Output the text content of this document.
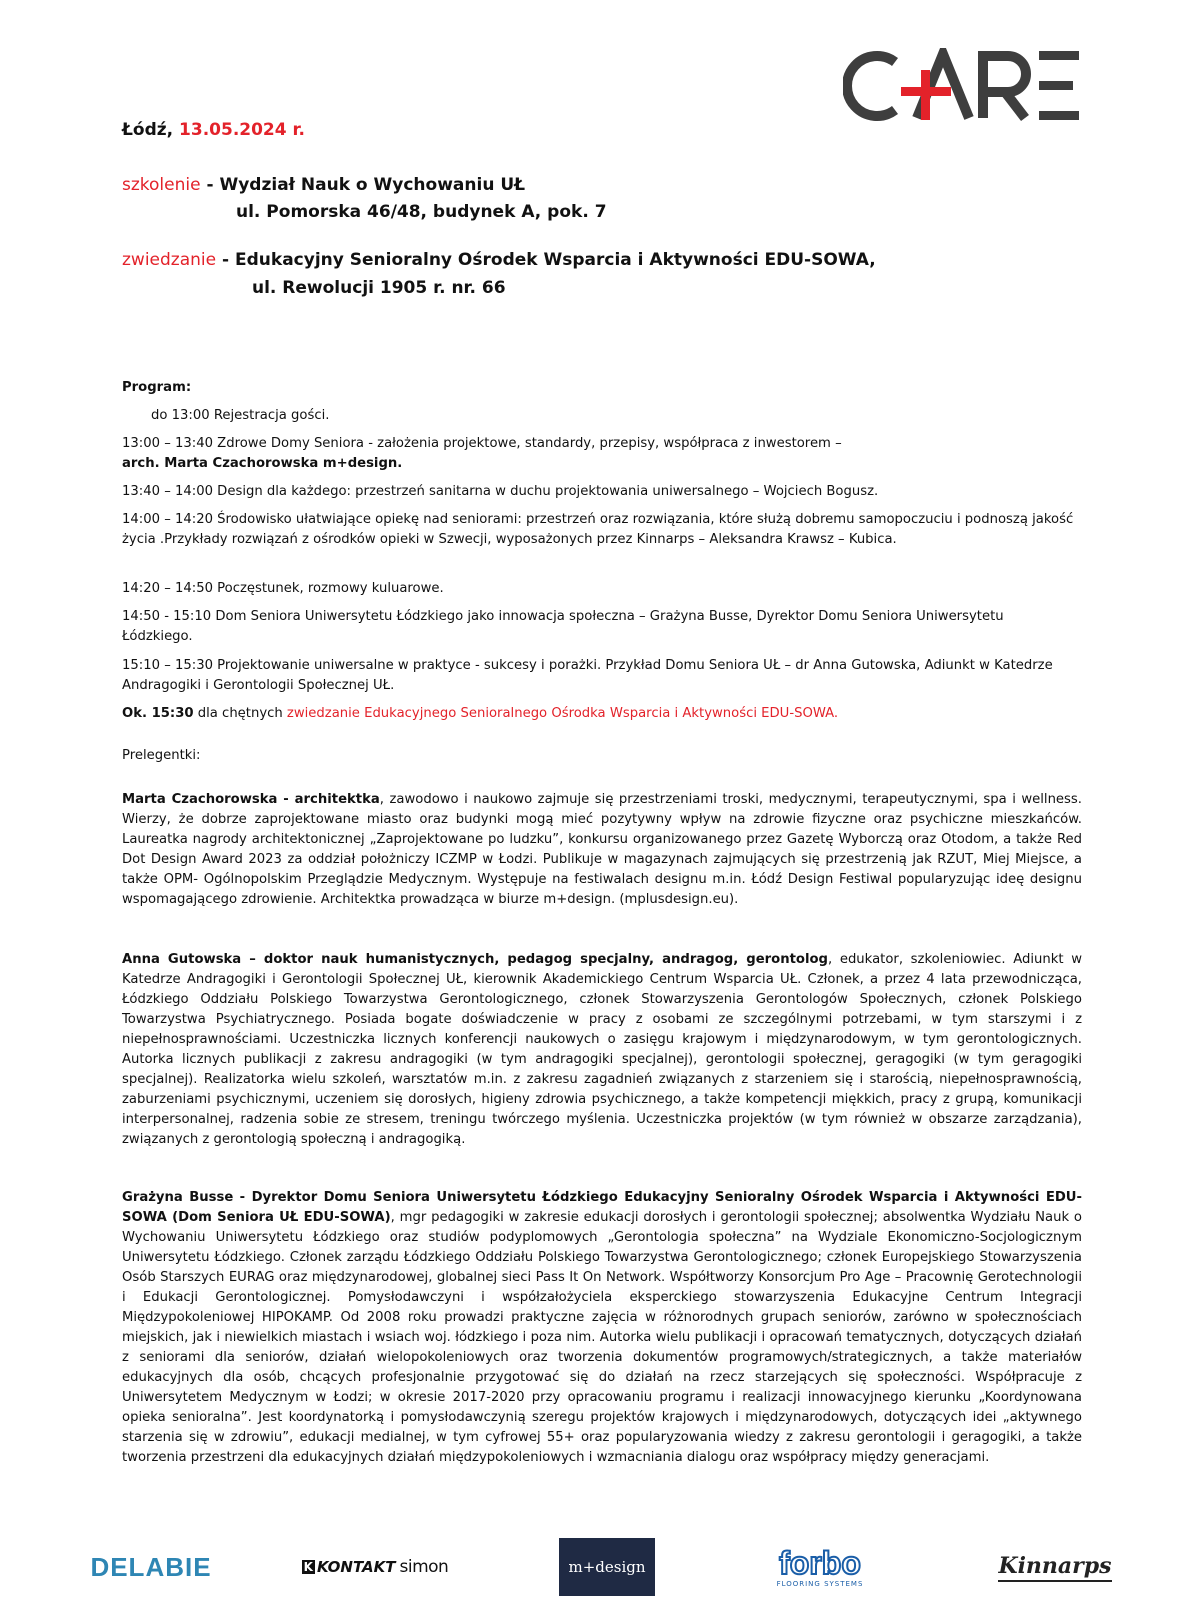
Łódź, 13.05.2024 r.
szkolenie - Wydział Nauk o Wychowaniu UŁ
ul. Pomorska 46/48, budynek A, pok. 7
zwiedzanie - Edukacyjny Senioralny Ośrodek Wsparcia i Aktywności EDU-SOWA,
ul. Rewolucji 1905 r. nr. 66
Program:
do 13:00 Rejestracja gości.
13:00 – 13:40 Zdrowe Domy Seniora - założenia projektowe, standardy, przepisy, współpraca z inwestorem –
arch. Marta Czachorowska m+design.
13:40 – 14:00 Design dla każdego: przestrzeń sanitarna w duchu projektowania uniwersalnego – Wojciech Bogusz.
14:00 – 14:20 Środowisko ułatwiające opiekę nad seniorami: przestrzeń oraz rozwiązania, które służą dobremu samopoczuciu i podnoszą jakość życia .Przykłady rozwiązań z ośrodków opieki w Szwecji, wyposażonych przez Kinnarps – Aleksandra Krawsz – Kubica.
14:20 – 14:50 Poczęstunek, rozmowy kuluarowe.
14:50 - 15:10 Dom Seniora Uniwersytetu Łódzkiego jako innowacja społeczna – Grażyna Busse, Dyrektor Domu Seniora Uniwersytetu Łódzkiego.
15:10 – 15:30 Projektowanie uniwersalne w praktyce - sukcesy i porażki. Przykład Domu Seniora UŁ – dr Anna Gutowska, Adiunkt w Katedrze Andragogiki i Gerontologii Społecznej UŁ.
Ok. 15:30 dla chętnych zwiedzanie Edukacyjnego Senioralnego Ośrodka Wsparcia i Aktywności EDU-SOWA.
Prelegentki:

Marta Czachorowska - architektka, zawodowo i naukowo zajmuje się przestrzeniami troski, medycznymi, terapeutycznymi, spa i wellness. Wierzy, że dobrze zaprojektowane miasto oraz budynki mogą mieć pozytywny wpływ na zdrowie fizyczne oraz psychiczne mieszkańców. Laureatka nagrody architektonicznej „Zaprojektowane po ludzku”, konkursu organizowanego przez Gazetę Wyborczą oraz Otodom, a także Red Dot Design Award 2023 za oddział położniczy ICZMP w Łodzi. Publikuje w magazynach zajmujących się przestrzenią jak RZUT, Miej Miejsce, a także OPM- Ogólnopolskim Przeglądzie Medycznym. Występuje na festiwalach designu m.in. Łódź Design Festiwal popularyzując ideę designu wspomagającego zdrowienie. Architektka prowadząca w biurze m+design. (mplusdesign.eu).

Anna Gutowska – doktor nauk humanistycznych, pedagog specjalny, andragog, gerontolog, edukator, szkoleniowiec. Adiunkt w Katedrze Andragogiki i Gerontologii Społecznej UŁ, kierownik Akademickiego Centrum Wsparcia UŁ. Członek, a przez 4 lata przewodnicząca, Łódzkiego Oddziału Polskiego Towarzystwa Gerontologicznego, członek Stowarzyszenia Gerontologów Społecznych, członek Polskiego Towarzystwa Psychiatrycznego. Posiada bogate doświadczenie w pracy z osobami ze szczególnymi potrzebami, w tym starszymi i z niepełnosprawnościami. Uczestniczka licznych konferencji naukowych o zasięgu krajowym i międzynarodowym, w tym gerontologicznych. Autorka licznych publikacji z zakresu andragogiki (w tym andragogiki specjalnej), gerontologii społecznej, geragogiki (w tym geragogiki specjalnej). Realizatorka wielu szkoleń, warsztatów m.in. z zakresu zagadnień związanych z starzeniem się i starością, niepełnosprawnością, zaburzeniami psychicznymi, uczeniem się dorosłych, higieny zdrowia psychicznego, a także kompetencji miękkich, pracy z grupą, komunikacji interpersonalnej, radzenia sobie ze stresem, treningu twórczego myślenia. Uczestniczka projektów (w tym również w obszarze zarządzania), związanych z gerontologią społeczną i andragogiką.

Grażyna Busse - Dyrektor Domu Seniora Uniwersytetu Łódzkiego Edukacyjny Senioralny Ośrodek Wsparcia i Aktywności EDU-SOWA (Dom Seniora UŁ EDU-SOWA), mgr pedagogiki w zakresie edukacji dorosłych i gerontologii społecznej; absolwentka Wydziału Nauk o Wychowaniu Uniwersytetu Łódzkiego oraz studiów podyplomowych „Gerontologia społeczna” na Wydziale Ekonomiczno-Socjologicznym Uniwersytetu Łódzkiego. Członek zarządu Łódzkiego Oddziału Polskiego Towarzystwa Gerontologicznego; członek Europejskiego Stowarzyszenia Osób Starszych EURAG oraz międzynarodowej, globalnej sieci Pass It On Network. Współtworzy Konsorcjum Pro Age – Pracownię Gerotechnologii i Edukacji Gerontologicznej. Pomysłodawczyni i współzałożyciela eksperckiego stowarzyszenia Edukacyjne Centrum Integracji Międzypokoleniowej HIPOKAMP. Od 2008 roku prowadzi praktyczne zajęcia w różnorodnych grupach seniorów, zarówno w społecznościach miejskich, jak i niewielkich miastach i wsiach woj. łódzkiego i poza nim. Autorka wielu publikacji i opracowań tematycznych, dotyczących działań z seniorami dla seniorów, działań wielopokoleniowych oraz tworzenia dokumentów programowych/strategicznych, a także materiałów edukacyjnych dla osób, chcących profesjonalnie przygotować się do działań na rzecz starzejących się społeczności. Współpracuje z Uniwersytetem Medycznym w Łodzi; w okresie 2017-2020 przy opracowaniu programu i realizacji innowacyjnego kierunku „Koordynowana opieka senioralna”. Jest koordynatorką i pomysłodawczynią szeregu projektów krajowych i międzynarodowych, dotyczących idei „aktywnego starzenia się w zdrowiu”, edukacji medialnej, w tym cyfrowej 55+ oraz popularyzowania wiedzy z zakresu gerontologii i geragogiki, a także tworzenia przestrzeni dla edukacyjnych działań międzypokoleniowych i wzmacniania dialogu oraz współpracy między generacjami.

DELABIE	K KONTAKT simon	m+design	forbo
FLOORING SYSTEMS
Kinnarps
